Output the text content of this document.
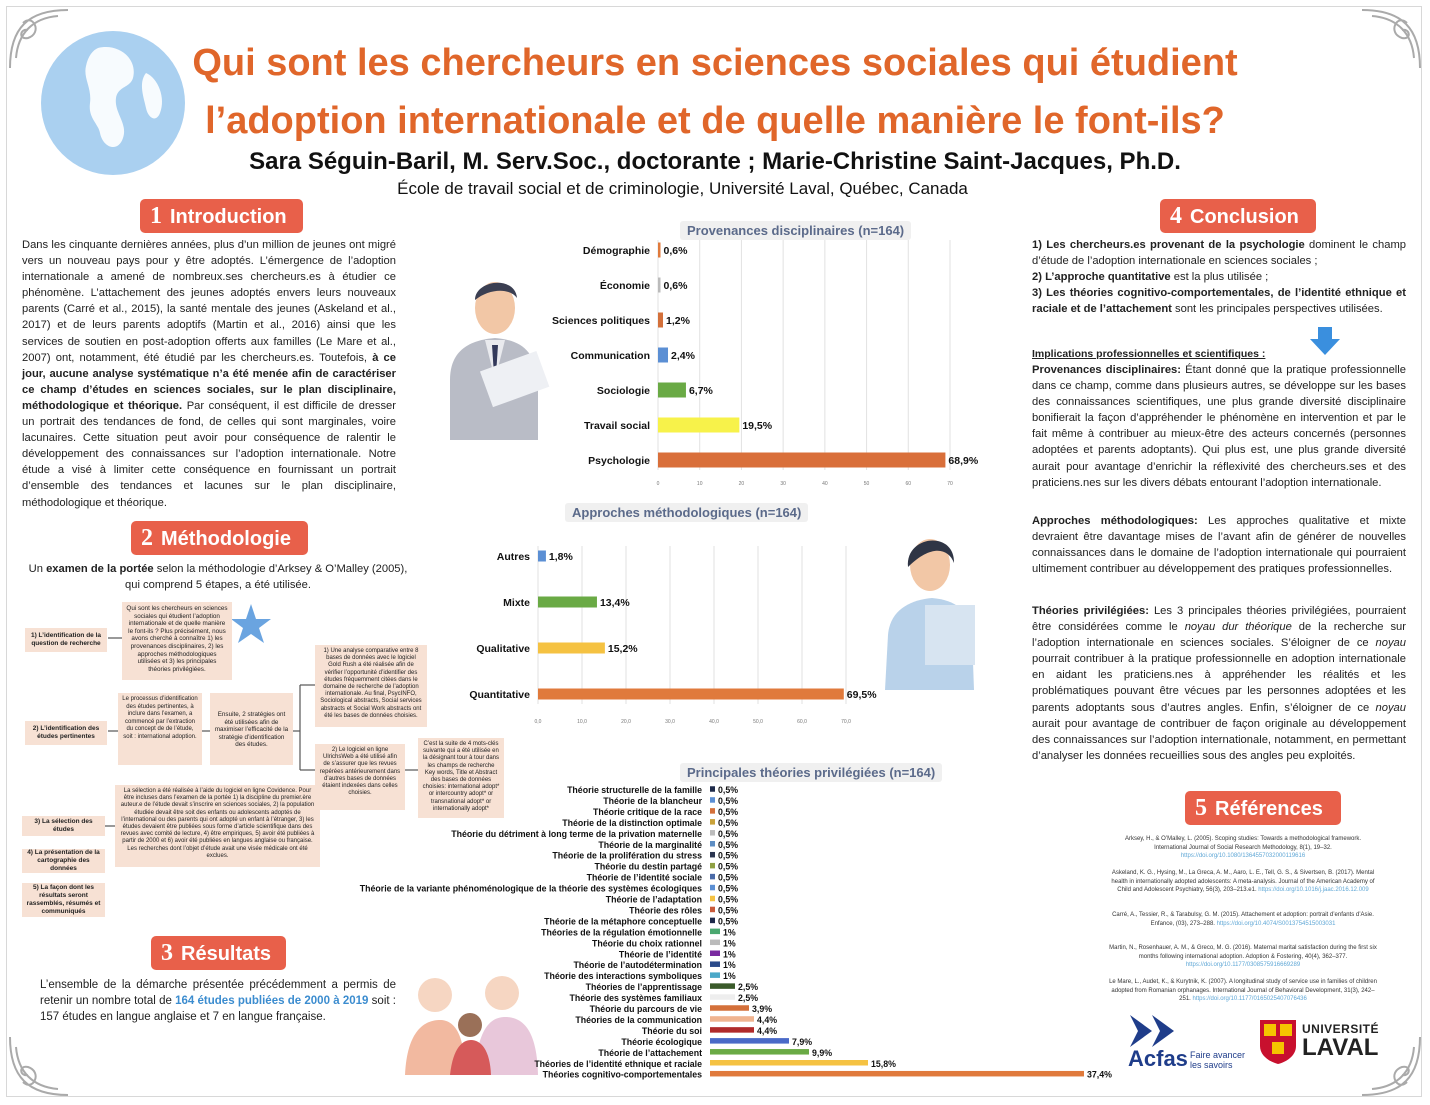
Qui sont les chercheurs en sciences sociales qui étudient
l’adoption internationale et de quelle manière le font-ils?
Sara Séguin-Baril, M. Serv.Soc., doctorante ; Marie-Christine Saint-Jacques, Ph.D.
École de travail social et de criminologie, Université Laval, Québec, Canada
1 Introduction
2 Méthodologie
3 Résultats
4 Conclusion
5 Références
Dans les cinquante dernières années, plus d’un million de jeunes ont migré vers un nouveau pays pour y être adoptés. L’émergence de l’adoption internationale a amené de nombreux.ses chercheurs.es à étudier ce phénomène. L’attachement des jeunes adoptés envers leurs nouveaux parents (Carré et al., 2015), la santé mentale des jeunes (Askeland et al., 2017) et de leurs parents adoptifs (Martin et al., 2016) ainsi que les services de soutien en post-adoption offerts aux familles (Le Mare et al., 2007) ont, notamment, été étudié par les chercheurs.es. Toutefois, à ce jour, aucune analyse systématique n’a été menée afin de caractériser ce champ d’études en sciences sociales, sur le plan disciplinaire, méthodologique et théorique. Par conséquent, il est difficile de dresser un portrait des tendances de fond, de celles qui sont marginales, voire lacunaires. Cette situation peut avoir pour conséquence de ralentir le développement des connaissances sur l’adoption internationale. Notre étude a visé à limiter cette conséquence en fournissant un portrait d’ensemble des tendances et lacunes sur le plan disciplinaire, méthodologique et théorique.
Un examen de la portée selon la méthodologie d’Arksey & O’Malley (2005),
qui comprend 5 étapes, a été utilisée.
1) L’identification de la question de recherche
2) L’identification des études pertinentes
3) La sélection des études
4) La présentation de la cartographie des données
5) La façon dont les résultats seront rassemblés, résumés et communiqués
Qui sont les chercheurs en sciences sociales qui étudient l’adoption internationale et de quelle manière le font-ils ? Plus précisément, nous avons cherché à connaître 1) les provenances disciplinaires, 2) les approches méthodologiques utilisées et 3) les principales théories privilégiées.
Le processus d’identification des études pertinentes, à inclure dans l’examen, a commencé par l’extraction du concept de de l’étude, soit : international adoption.
Ensuite, 2 stratégies ont été utilisées afin de maximiser l’efficacité de la stratégie d’identification des études.
1) Une analyse comparative entre 8 bases de données avec le logiciel Gold Rush a été réalisée afin de vérifier l’opportunité d’identifier des études fréquemment citées dans le domaine de recherche de l’adoption internationale. Au final, PsycINFO, Sociological abstracts, Social services abstracts et Social Work abstracts ont été les bases de données choisies.
2) Le logiciel en ligne UlrichsWeb a été utilisé afin de s’assurer que les revues repérées antérieurement dans d’autres bases de données étaient indexées dans celles choisies.
C’est la suite de 4 mots-clés suivante qui a été utilisée en la désignant tour à tour dans les champs de recherche Key words, Title et Abstract des bases de données choisies: international adopt* or intercountry adopt* or transnational adopt* or internationally adopt*
La sélection a été réalisée à l’aide du logiciel en ligne Covidence. Pour être incluses dans l’examen de la portée 1) la discipline du premier.ère auteur.e de l’étude devait s’inscrire en sciences sociales, 2) la population étudiée devait être soit des enfants ou adolescents adoptés de l’international ou des parents qui ont adopté un enfant à l’étranger, 3) les études devaient être publiées sous forme d’article scientifique dans des revues avec comité de lecture, 4) être empiriques, 5) avoir été publiées à partir de 2000 et 6) avoir été publiées en langues anglaise ou française. Les recherches dont l’objet d’étude avait une visée médicale ont été exclues.
L’ensemble de la démarche présentée précédemment a permis de retenir un nombre total de 164 études publiées de 2000 à 2019 soit : 157 études en langue anglaise et 7 en langue française.
Provenances disciplinaires (n=164)
0	10	20	30	40	50	60	70
Démographie 0,6%
Économie 0,6%
Sciences politiques 1,2%
Communication 2,4%
Sociologie	6,7%
Travail social	19,5%
Psychologie	68,9%
Approches méthodologiques (n=164)
0,0	10,0	20,0	30,0	40,0	50,0	60,0	70,0
Autres 1,8%
Mixte	13,4%
Qualitative	15,2%
Quantitative	69,5%
Principales théories privilégiées (n=164)
Théorie structurelle de la famille 0,5%
Théorie de la blancheur 0,5%
Théorie critique de la race 0,5%
Théorie de la distinction optimale 0,5%
Théorie du détriment à long terme de la privation maternelle 0,5%
Théorie de la marginalité 0,5%
Théorie de la prolifération du stress 0,5%
Théorie du destin partagé 0,5%
Théorie de l’identité sociale 0,5%
Théorie de la variante phénoménologique de la théorie des systèmes écologiques 0,5%
Théorie de l’adaptation 0,5%
Théorie des rôles 0,5%
Théorie de la métaphore conceptuelle 0,5%
Théories de la régulation émotionnelle 1%
Théorie du choix rationnel 1%
Théorie de l’identité 1%
Théorie de l’autodétermination 1%
Théorie des interactions symboliques 1%
Théories de l’apprentissage	2,5%
Théorie des systèmes familiaux	2,5%
Théorie du parcours de vie	3,9%
Théories de la communication	4,4%
Théorie du soi	4,4%
Théorie écologique	7,9%
Théorie de l’attachement	9,9%
Théories de l’identité ethnique et raciale	15,8%
Théories cognitivo-comportementales	37,4%
1) Les chercheurs.es provenant de la psychologie dominent le champ d’étude de l’adoption internationale en sciences sociales ;
2) L’approche quantitative est la plus utilisée ;
3) Les théories cognitivo-comportementales, de l’identité ethnique et raciale et de l’attachement sont les principales perspectives utilisées.
Implications professionnelles et scientifiques :
Provenances disciplinaires: Étant donné que la pratique professionnelle dans ce champ, comme dans plusieurs autres, se développe sur les bases des connaissances scientifiques, une plus grande diversité disciplinaire bonifierait la façon d’appréhender le phénomène en intervention et par le fait même à contribuer au mieux-être des acteurs concernés (personnes adoptées et parents adoptants). Qui plus est, une plus grande diversité aurait pour avantage d’enrichir la réflexivité des chercheurs.ses et des praticiens.nes sur les divers débats entourant l’adoption internationale.
Approches méthodologiques: Les approches qualitative et mixte devraient être davantage mises de l’avant afin de générer de nouvelles connaissances dans le domaine de l’adoption internationale qui pourraient ultimement contribuer au développement des pratiques professionnelles.
Théories privilégiées: Les 3 principales théories privilégiées, pourraient être considérées comme le noyau dur théorique de la recherche sur l’adoption internationale en sciences sociales. S’éloigner de ce noyau pourrait contribuer à la pratique professionnelle en adoption internationale en aidant les praticiens.nes à appréhender les réalités et les problématiques pouvant être vécues par les personnes adoptées et les parents adoptants sous d’autres angles. Enfin, s’éloigner de ce noyau aurait pour avantage de contribuer de façon originale au développement des connaissances sur l’adoption internationale, notamment, en permettant d’analyser les données recueillies sous des angles peu exploités.
Arksey, H., & O’Malley, L. (2005). Scoping studies: Towards a methodological framework. International Journal of Social Research Methodology, 8(1), 19–32. https://doi.org/10.1080/1364557032000119616
Askeland, K. G., Hysing, M., La Greca, A. M., Aaro, L. E., Tell, G. S., & Sivertsen, B. (2017). Mental health in internationally adopted adolescents: A meta-analysis. Journal of the American Academy of Child and Adolescent Psychiatry, 56(3), 203–213.e1. https://doi.org/10.1016/j.jaac.2016.12.009
Carré, A., Tessier, R., & Tarabulsy, G. M. (2015). Attachement et adoption: portrait d’enfants d’Asie. Enfance, (03), 273–288. https://doi.org/10.4074/S0013754515003031
Martin, N., Rosenhauer, A. M., & Greco, M. G. (2016). Maternal marital satisfaction during the first six months following international adoption. Adoption & Fostering, 40(4), 362–377. https://doi.org/10.1177/0308575916669289
Le Mare, L., Audet, K., & Kurytnik, K. (2007). A longitudinal study of service use in families of children adopted from Romanian orphanages. International Journal of Behavioral Development, 31(3), 242–251. https://doi.org/10.1177/0165025407076436
Acfas Faire avancer
les savoirs
UNIVERSITÉ
LAVAL
